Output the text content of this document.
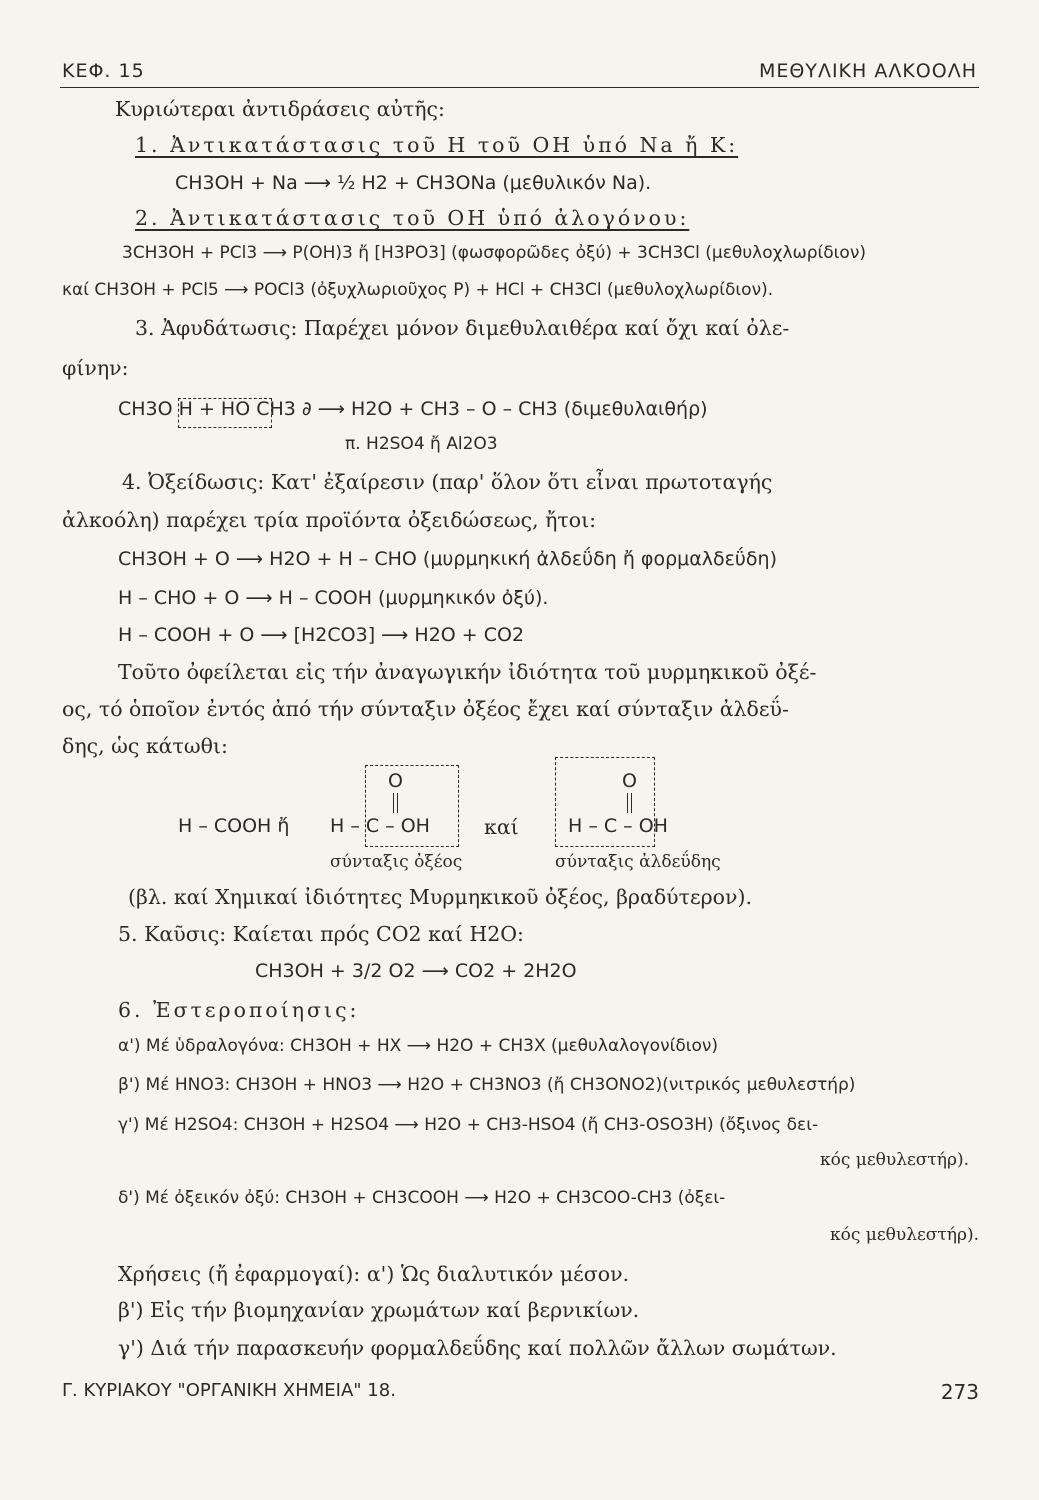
ΚΕΦ. 15	ΜΕΘΥΛΙΚΗ ΑΛΚΟΟΛΗ
Κυριώτεραι ἀντιδράσεις αὐτῆς:
1. Ἀντικατάστασις τοῦ Η τοῦ ΟΗ ὑπό Na ἤ K:
CH3OH + Na ⟶ ½ H2 + CH3ONa (μεθυλικόν Na).
2. Ἀντικατάστασις τοῦ ΟΗ ὑπό ἀλογόνου:
3CH3OH + PCl3 ⟶ P(OH)3 ἤ [H3PO3] (φωσφορῶδες ὀξύ) + 3CH3Cl (μεθυλοχλωρίδιον)
καί CH3OH + PCl5 ⟶ POCl3 (ὀξυχλωριοῦχος P) + HCl + CH3Cl (μεθυλοχλωρίδιον).
3. Ἀφυδάτωσις: Παρέχει μόνον διμεθυλαιθέρα καί ὄχι καί ὀλε-
φίνην:
CH3O H + HO CH3 ∂ ⟶ H2O + CH3 – O – CH3 (διμεθυλαιθήρ)
π. H2SO4 ἤ Al2O3
4. Ὀξείδωσις: Κατ' ἐξαίρεσιν (παρ' ὅλον ὅτι εἶναι πρωτοταγής
ἀλκοόλη) παρέχει τρία προϊόντα ὀξειδώσεως, ἤτοι:
CH3OH + O ⟶ H2O + H – CHO (μυρμηκική ἀλδεΰδη ἤ φορμαλδεΰδη)
H – CHO + O ⟶ H – COOH (μυρμηκικόν ὀξύ).
H – COOH + O ⟶ [H2CO3] ⟶ H2O + CO2
Τοῦτο ὀφείλεται εἰς τήν ἀναγωγικήν ἰδιότητα τοῦ μυρμηκικοῦ ὀξέ-
ος, τό ὁποῖον ἐντός ἀπό τήν σύνταξιν ὀξέος ἔχει καί σύνταξιν ἀλδεΰ-
δης, ὡς κάτωθι:
H – COOH ἤ
O
H – C – OH
σύνταξις ὀξέος
καί
O
H – C – OH
σύνταξις ἀλδεΰδης
(βλ. καί Χημικαί ἰδιότητες Μυρμηκικοῦ ὀξέος, βραδύτερον).
5. Καῦσις: Καίεται πρός CO2 καί H2O:
CH3OH + 3/2 O2 ⟶ CO2 + 2H2O
6. Ἐστεροποίησις:
α') Μέ ὑδραλογόνα: CH3OH + HX ⟶ H2O + CH3X (μεθυλαλογονίδιον)
β') Μέ HNO3: CH3OH + HNO3 ⟶ H2O + CH3NO3 (ἤ CH3ONO2)(νιτρικός μεθυλεστήρ)
γ') Μέ H2SO4: CH3OH + H2SO4 ⟶ H2O + CH3-HSO4 (ἤ CH3-OSO3H) (ὄξινος δει-
κός μεθυλεστήρ).
δ') Μέ ὀξεικόν ὀξύ: CH3OH + CH3COOH ⟶ H2O + CH3COO-CH3 (ὀξει-
κός μεθυλεστήρ).
Χρήσεις (ἤ ἐφαρμογαί): α') Ὡς διαλυτικόν μέσον.
β') Εἰς τήν βιομηχανίαν χρωμάτων καί βερνικίων.
γ') Διά τήν παρασκευήν φορμαλδεΰδης καί πολλῶν ἄλλων σωμάτων.
Γ. ΚΥΡΙΑΚΟΥ "ΟΡΓΑΝΙΚΗ ΧΗΜΕΙΑ" 18.	273
